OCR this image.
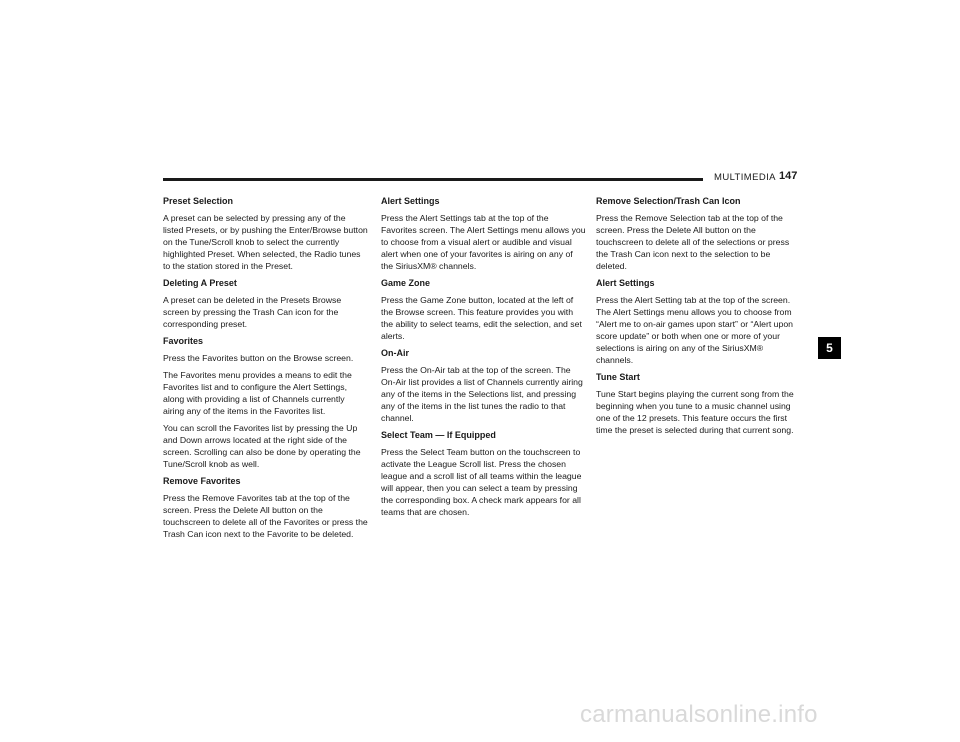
MULTIMEDIA 147
Preset Selection

A preset can be selected by pressing any of the listed Presets, or by pushing the Enter/Browse button on the Tune/Scroll knob to select the currently highlighted Preset. When selected, the Radio tunes to the station stored in the Preset.

Deleting A Preset

A preset can be deleted in the Presets Browse screen by pressing the Trash Can icon for the corresponding preset.

Favorites

Press the Favorites button on the Browse screen.

The Favorites menu provides a means to edit the Favorites list and to configure the Alert Settings, along with providing a list of Channels currently airing any of the items in the Favorites list.

You can scroll the Favorites list by pressing the Up and Down arrows located at the right side of the screen. Scrolling can also be done by operating the Tune/Scroll knob as well.

Remove Favorites

Press the Remove Favorites tab at the top of the screen. Press the Delete All button on the touchscreen to delete all of the Favorites or press the Trash Can icon next to the Favorite to be deleted.

Alert Settings

Press the Alert Settings tab at the top of the Favorites screen. The Alert Settings menu allows you to choose from a visual alert or audible and visual alert when one of your favorites is airing on any of the SiriusXM® channels.

Game Zone

Press the Game Zone button, located at the left of the Browse screen. This feature provides you with the ability to select teams, edit the selection, and set alerts.

On-Air

Press the On-Air tab at the top of the screen. The On-Air list provides a list of Channels currently airing any of the items in the Selections list, and pressing any of the items in the list tunes the radio to that channel.

Select Team — If Equipped

Press the Select Team button on the touchscreen to activate the League Scroll list. Press the chosen league and a scroll list of all teams within the league will appear, then you can select a team by pressing the corresponding box. A check mark appears for all teams that are chosen.

Remove Selection/Trash Can Icon

Press the Remove Selection tab at the top of the screen. Press the Delete All button on the touchscreen to delete all of the selections or press the Trash Can icon next to the selection to be deleted.

Alert Settings

Press the Alert Setting tab at the top of the screen. The Alert Settings menu allows you to choose from “Alert me to on-air games upon start” or “Alert upon score update” or both when one or more of your selections is airing on any of the SiriusXM® channels.

Tune Start

Tune Start begins playing the current song from the beginning when you tune to a music channel using one of the 12 presets. This feature occurs the first time the preset is selected during that current song.

5
carmanualsonline.info
